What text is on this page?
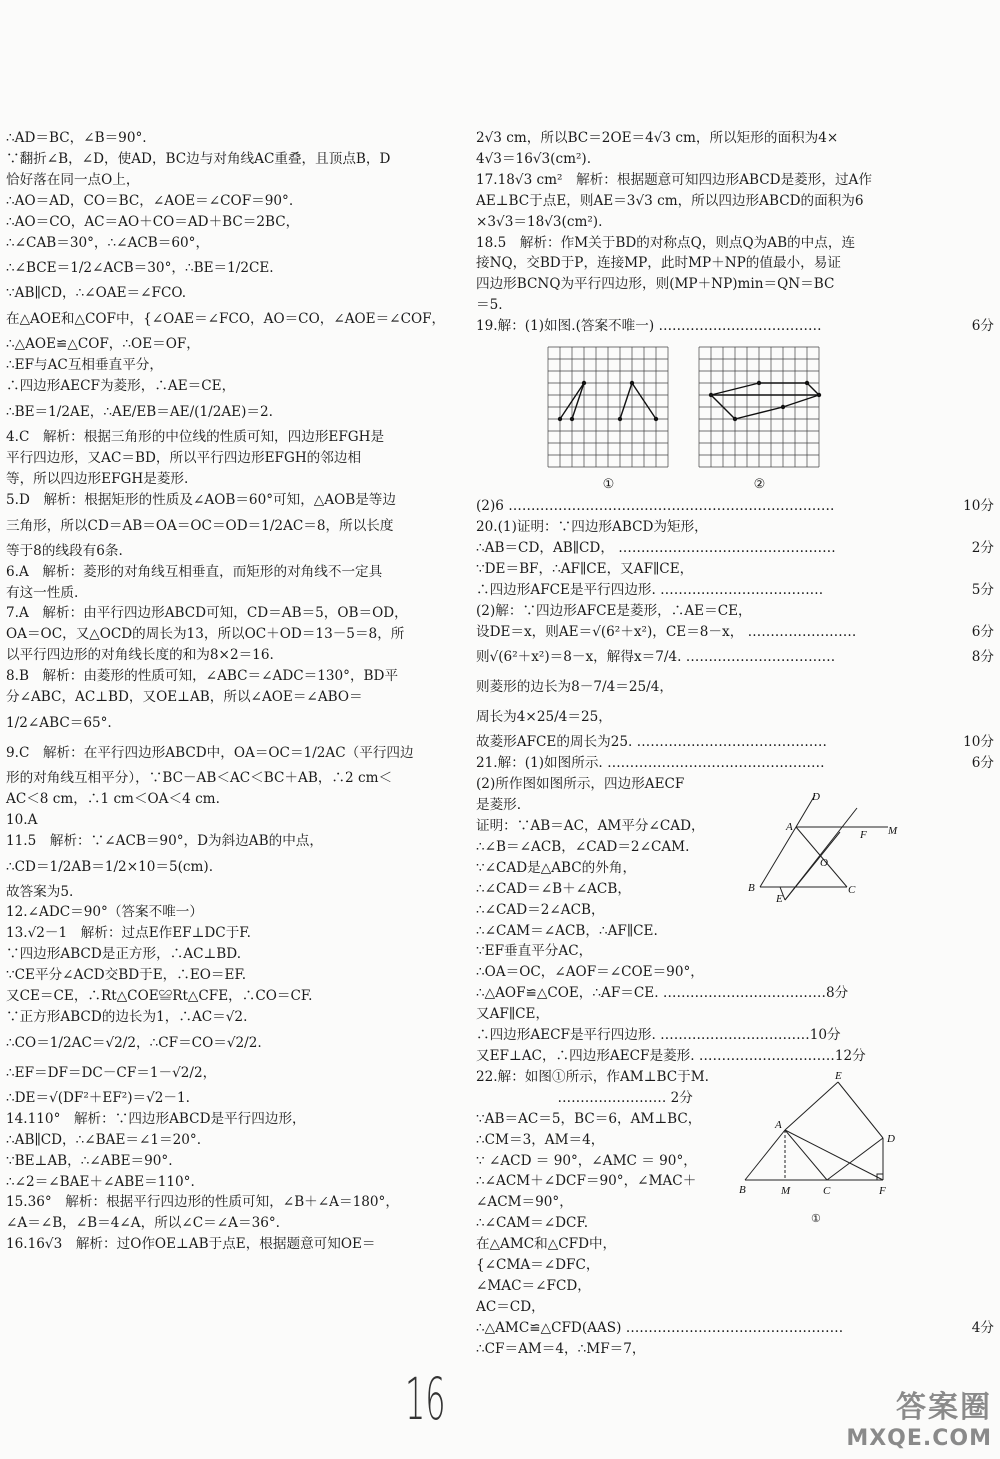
∴AD＝BC，∠B＝90°.
∵翻折∠B，∠D，使AD，BC边与对角线AC重叠，且顶点B，D
恰好落在同一点O上，
∴AO＝AD，CO＝BC，∠AOE＝∠COF＝90°.
∴AO＝CO，AC＝AO＋CO＝AD＋BC＝2BC，
∴∠CAB＝30°，∴∠ACB＝60°，
∴∠BCE＝1/2∠ACB＝30°，∴BE＝1/2CE.
∵AB∥CD，∴∠OAE＝∠FCO.
在△AOE和△COF中，{∠OAE＝∠FCO，AO＝CO，∠AOE＝∠COF，
∴△AOE≌△COF，∴OE＝OF，
∴EF与AC互相垂直平分，
∴四边形AECF为菱形，∴AE＝CE，
∴BE＝1/2AE，∴AE/EB＝AE/(1/2AE)＝2.
4.C　解析：根据三角形的中位线的性质可知，四边形EFGH是
平行四边形，又AC＝BD，所以平行四边形EFGH的邻边相
等，所以四边形EFGH是菱形.
5.D　解析：根据矩形的性质及∠AOB＝60°可知，△AOB是等边
三角形，所以CD＝AB＝OA＝OC＝OD＝1/2AC＝8，所以长度
等于8的线段有6条.
6.A　解析：菱形的对角线互相垂直，而矩形的对角线不一定具
有这一性质.
7.A　解析：由平行四边形ABCD可知，CD＝AB＝5，OB＝OD，
OA＝OC，又△OCD的周长为13，所以OC＋OD＝13－5＝8，所
以平行四边形的对角线长度的和为8×2＝16.
8.B　解析：由菱形的性质可知，∠ABC＝∠ADC＝130°，BD平
分∠ABC，AC⊥BD，又OE⊥AB，所以∠AOE＝∠ABO＝
1/2∠ABC＝65°.
9.C　解析：在平行四边形ABCD中，OA＝OC＝1/2AC（平行四边
形的对角线互相平分），∵BC－AB＜AC＜BC＋AB，∴2 cm＜
AC＜8 cm，∴1 cm＜OA＜4 cm.
10.A
11.5　解析：∵∠ACB＝90°，D为斜边AB的中点，
∴CD＝1/2AB＝1/2×10＝5(cm).
故答案为5.
12.∠ADC＝90°（答案不唯一）
13.√2－1　解析：过点E作EF⊥DC于F.
∵四边形ABCD是正方形，∴AC⊥BD.
∵CE平分∠ACD交BD于E，∴EO＝EF.
又CE＝CE，∴Rt△COE≌Rt△CFE，∴CO＝CF.
∵正方形ABCD的边长为1，∴AC＝√2.
∴CO＝1/2AC＝√2/2，∴CF＝CO＝√2/2.
∴EF＝DF＝DC－CF＝1－√2/2，
∴DE＝√(DF²＋EF²)＝√2－1.
14.110°　解析：∵四边形ABCD是平行四边形，
∴AB∥CD，∴∠BAE＝∠1＝20°.
∵BE⊥AB，∴∠ABE＝90°.
∴∠2＝∠BAE＋∠ABE＝110°.
15.36°　解析：根据平行四边形的性质可知，∠B＋∠A＝180°，
∠A＝∠B，∠B＝4∠A，所以∠C＝∠A＝36°.
16.16√3　解析：过O作OE⊥AB于点E，根据题意可知OE＝
2√3 cm，所以BC＝2OE＝4√3 cm，所以矩形的面积为4×
4√3＝16√3(cm²).
17.18√3 cm²　解析：根据题意可知四边形ABCD是菱形，过A作
AE⊥BC于点E，则AE＝3√3 cm，所以四边形ABCD的面积为6
×3√3＝18√3(cm²).
18.5　解析：作M关于BD的对称点Q，则点Q为AB的中点，连
接NQ，交BD于P，连接MP，此时MP＋NP的值最小，易证
四边形BCNQ为平行四边形，则(MP＋NP)min＝QN＝BC
＝5.
19.解：(1)如图.(答案不唯一) ………………………………	6分
①	②
(2)6 ………………………………………………………………	10分
20.(1)证明：∵四边形ABCD为矩形，
∴AB＝CD，AB∥CD， …………………………………………	2分
∵DE＝BF，∴AF∥CE，又AF∥CE，
∴四边形AFCE是平行四边形. ………………………………	5分
(2)解：∵四边形AFCE是菱形，∴AE＝CE，
设DE＝x，则AE＝√(6²＋x²)，CE＝8－x， ……………………	6分
则√(6²＋x²)＝8－x，解得x＝7/4. ……………………………	8分
则菱形的边长为8－7/4＝25/4，
周长为4×25/4＝25，
故菱形AFCE的周长为25. ……………………………………	10分
21.解：(1)如图所示. …………………………………………	6分
(2)所作图如图所示，四边形AECF
是菱形.
证明：∵AB＝AC，AM平分∠CAD，
∴∠B＝∠ACB，∠CAD＝2∠CAM.
∵∠CAD是△ABC的外角，
∴∠CAD＝∠B＋∠ACB，
∴∠CAD＝2∠ACB，
∴∠CAM＝∠ACB，∴AF∥CE.
∵EF垂直平分AC，
∴OA＝OC，∠AOF＝∠COE＝90°，
∴△AOF≌△COE，∴AF＝CE. ……………………………… 8分
又AF∥CE，
∴四边形AECF是平行四边形. …………………………… 10分
又EF⊥AC，∴四边形AECF是菱形. ………………………… 12分
22.解：如图①所示，作AM⊥BC于M.
　　　　　　…………………… 2分
∵AB＝AC＝5，BC＝6，AM⊥BC，
∴CM＝3，AM＝4，
∵ ∠ACD ＝ 90°，∠AMC ＝ 90°，
∴∠ACM＋∠DCF＝90°，∠MAC＋
∠ACM＝90°，
∴∠CAM＝∠DCF.
在△AMC和△CFD中，
{∠CMA＝∠DFC，
∠MAC＝∠FCD，
AC＝CD，
∴△AMC≌△CFD(AAS) …………………………………………	4分
∴CF＝AM＝4，∴MF＝7，
D
A
F M
O
B
E
C
E
A
D
B	M	C	F
①
16	答案圈
MXQE.COM
